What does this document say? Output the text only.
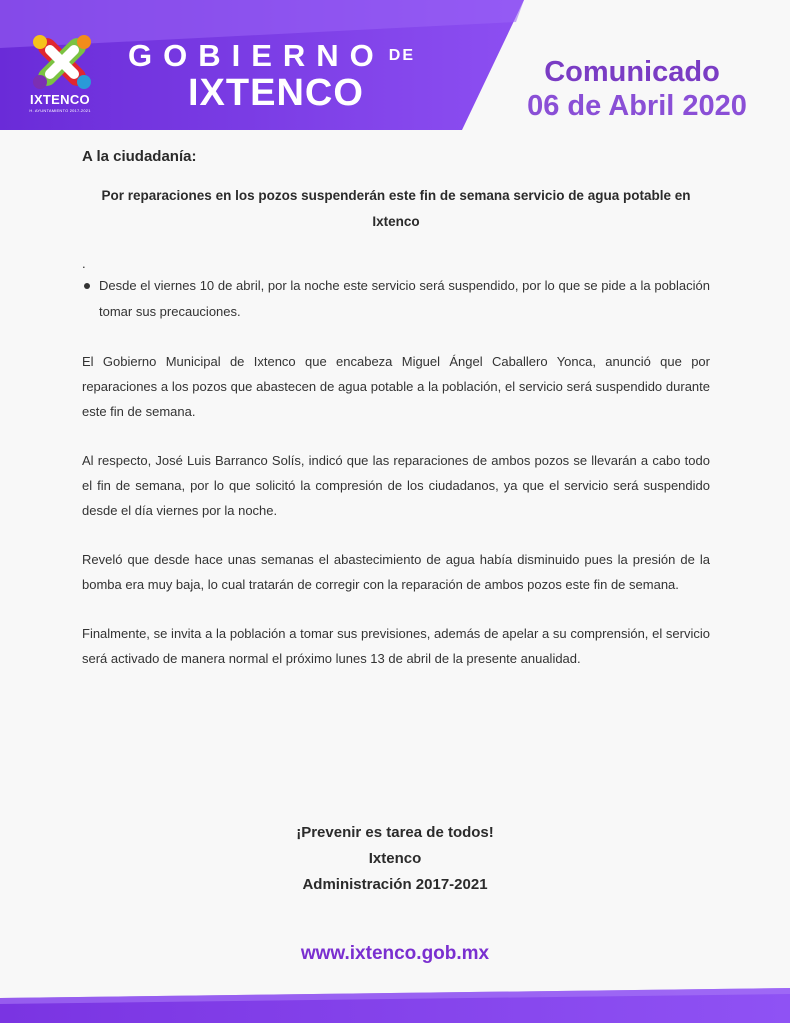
IXTENCO
H. AYUNTAMIENTO 2017-2021
GOBIERNO DE
IXTENCO	Comunicado
06 de Abril 2020

A la ciudadanía:

Por reparaciones en los pozos suspenderán este fin de semana servicio de agua potable en Ixtenco

.

Desde el viernes 10 de abril, por la noche este servicio será suspendido, por lo que se pide a la población tomar sus precauciones.

El Gobierno Municipal de Ixtenco que encabeza Miguel Ángel Caballero Yonca, anunció que por reparaciones a los pozos que abastecen de agua potable a la población, el servicio será suspendido durante este fin de semana.

Al respecto, José Luis Barranco Solís, indicó que las reparaciones de ambos pozos se llevarán a cabo todo el fin de semana, por lo que solicitó la compresión de los ciudadanos, ya que el servicio será suspendido desde el día viernes por la noche.

Reveló que desde hace unas semanas el abastecimiento de agua había disminuido pues la presión de la bomba era muy baja, lo cual tratarán de corregir con la reparación de ambos pozos este fin de semana.

Finalmente, se invita a la población a tomar sus previsiones, además de apelar a su comprensión, el servicio será activado de manera normal el próximo lunes 13 de abril de la presente anualidad.

¡Prevenir es tarea de todos!

Ixtenco

Administración 2017-2021

www.ixtenco.gob.mx
